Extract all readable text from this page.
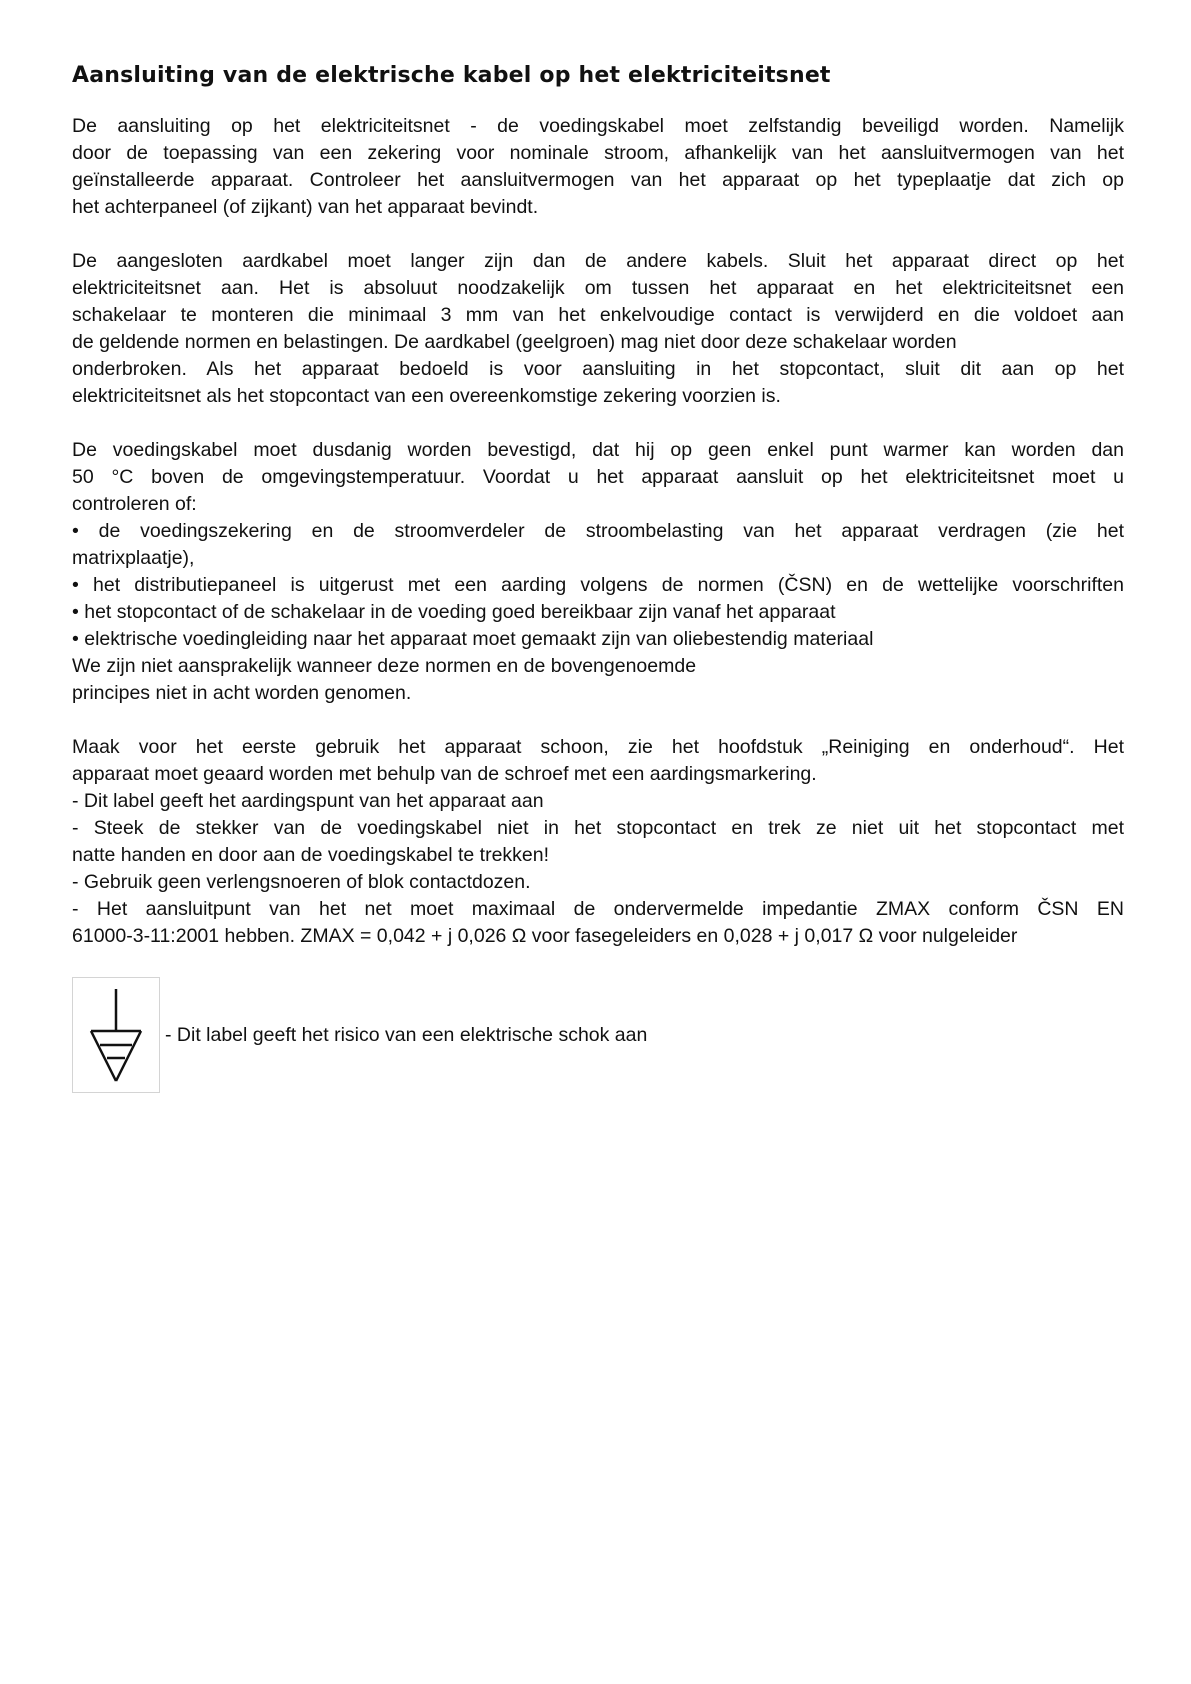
Aansluiting van de elektrische kabel op het elektriciteitsnet
De aansluiting op het elektriciteitsnet - de voedingskabel moet zelfstandig beveiligd worden. Namelijk
door de toepassing van een zekering voor nominale stroom, afhankelijk van het aansluitvermogen van het
geïnstalleerde apparaat. Controleer het aansluitvermogen van het apparaat op het typeplaatje dat zich op
het achterpaneel (of zijkant) van het apparaat bevindt.
De aangesloten aardkabel moet langer zijn dan de andere kabels. Sluit het apparaat direct op het
elektriciteitsnet aan. Het is absoluut noodzakelijk om tussen het apparaat en het elektriciteitsnet een
schakelaar te monteren die minimaal 3 mm van het enkelvoudige contact is verwijderd en die voldoet aan
de geldende normen en belastingen. De aardkabel (geelgroen) mag niet door deze schakelaar worden
onderbroken. Als het apparaat bedoeld is voor aansluiting in het stopcontact, sluit dit aan op het
elektriciteitsnet als het stopcontact van een overeenkomstige zekering voorzien is.
De voedingskabel moet dusdanig worden bevestigd, dat hij op geen enkel punt warmer kan worden dan
50 °C boven de omgevingstemperatuur. Voordat u het apparaat aansluit op het elektriciteitsnet moet u
controleren of:
• de voedingszekering en de stroomverdeler de stroombelasting van het apparaat verdragen (zie het
matrixplaatje),
• het distributiepaneel is uitgerust met een aarding volgens de normen (ČSN) en de wettelijke voorschriften
• het stopcontact of de schakelaar in de voeding goed bereikbaar zijn vanaf het apparaat
• elektrische voedingleiding naar het apparaat moet gemaakt zijn van oliebestendig materiaal
We zijn niet aansprakelijk wanneer deze normen en de bovengenoemde
principes niet in acht worden genomen.
Maak voor het eerste gebruik het apparaat schoon, zie het hoofdstuk „Reiniging en onderhoud“. Het
apparaat moet geaard worden met behulp van de schroef met een aardingsmarkering.
- Dit label geeft het aardingspunt van het apparaat aan
- Steek de stekker van de voedingskabel niet in het stopcontact en trek ze niet uit het stopcontact met
natte handen en door aan de voedingskabel te trekken!
- Gebruik geen verlengsnoeren of blok contactdozen.
- Het aansluitpunt van het net moet maximaal de ondervermelde impedantie ZMAX conform ČSN EN
61000-3-11:2001 hebben. ZMAX = 0,042 + j 0,026 Ω voor fasegeleiders en 0,028 + j 0,017 Ω voor nulgeleider
- Dit label geeft het risico van een elektrische schok aan
